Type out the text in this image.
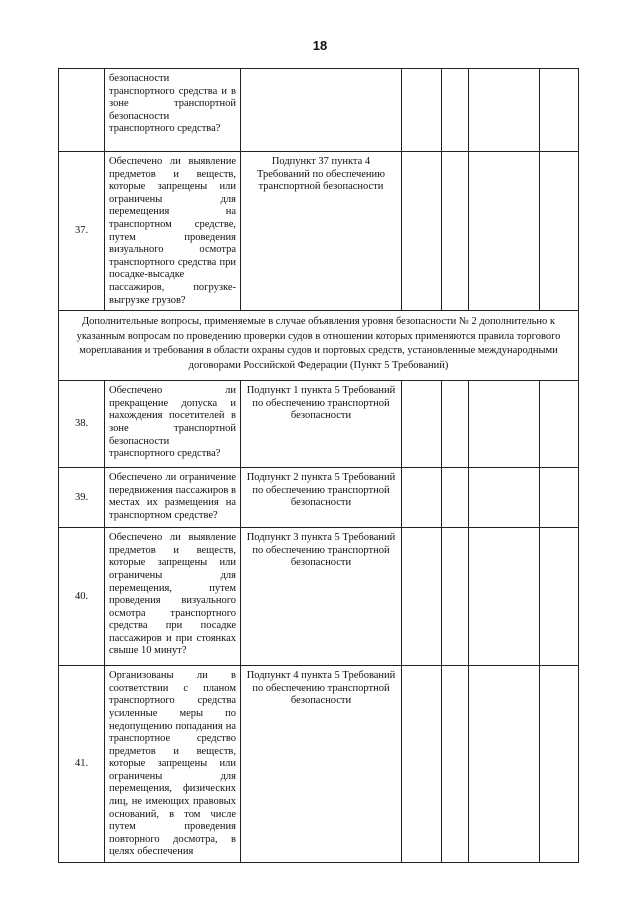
18
	безопасности транспортного средства и в зоне транспортной безопасности транспортного средства?					
37.	Обеспечено ли выявление предметов и веществ, которые запрещены или ограничены для перемещения на транспортном средстве, путем проведения визуального осмотра транспортного средства при посадке-высадке пассажиров, погрузке-выгрузке грузов?	Подпункт 37 пункта 4 Требований по обеспечению транспортной безопасности				
Дополнительные вопросы, применяемые в случае объявления уровня безопасности № 2 дополнительно к указанным вопросам по проведению проверки судов в отношении которых применяются правила торгового мореплавания и требования в области охраны судов и портовых средств, установленные международными договорами Российской Федерации (Пункт 5 Требований)						
38.	Обеспечено ли прекращение допуска и нахождения посетителей в зоне транспортной безопасности транспортного средства?	Подпункт 1 пункта 5 Требований по обеспечению транспортной безопасности				
39.	Обеспечено ли ограничение передвижения пассажиров в местах их размещения на транспортном средстве?	Подпункт 2 пункта 5 Требований по обеспечению транспортной безопасности				
40.	Обеспечено ли выявление предметов и веществ, которые запрещены или ограничены для перемещения, путем проведения визуального осмотра транспортного средства при посадке пассажиров и при стоянках свыше 10 минут?	Подпункт 3 пункта 5 Требований по обеспечению транспортной безопасности				
41.	Организованы ли в соответствии с планом транспортного средства усиленные меры по недопущению попадания на транспортное средство предметов и веществ, которые запрещены или ограничены для перемещения, физических лиц, не имеющих правовых оснований, в том числе путем проведения повторного досмотра, в целях обеспечения	Подпункт 4 пункта 5 Требований по обеспечению транспортной безопасности				
